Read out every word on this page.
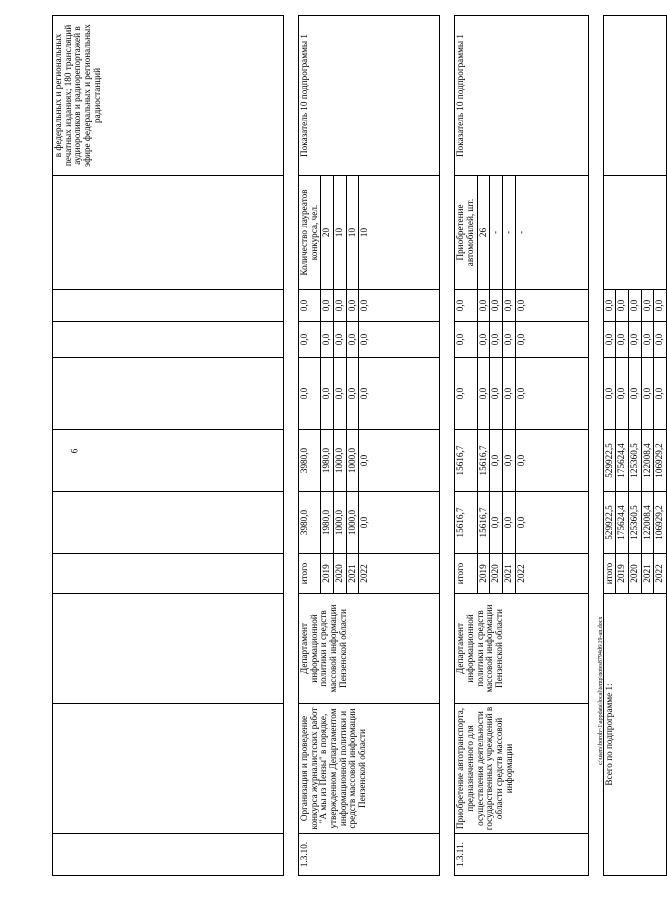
6
										в федеральных и региональных печатных изданиях; 180 трансляций аудиороликов и радиорепортажей в эфире федеральных и региональных радиостанций

1.3.10.	Организация и проведение конкурса журналистских работ "А мы из Пензы" в порядке, утвержденном Департаментом информационной политики и средств массовой информации Пензенской области	Департамент информационной политики и средств массовой информации Пензенской области	итого	3980,0	3980,0	0,0	0,0	0,0	Количество лауреатов конкурса, чел.	Показатель 10 подпрограммы 1
			2019	1980,0	1980,0	0,0	0,0	0,0	20	
			2020	1000,0	1000,0	0,0	0,0	0,0	10	
			2021	1000,0	1000,0	0,0	0,0	0,0	10	
			2022	0,0	0,0	0,0	0,0	0,0	10	

1.3.11.	Приобретение автотранспорта, предназначенного для осуществления деятельности государственных учреждений в области средств массовой информации	Департамент информационной политики и средств массовой информации Пензенской области	итого	15616,7	15616,7	0,0	0,0	0,0	Приобретение автомобилей, шт.	Показатель 10 подпрограммы 1
			2019	15616,7	15616,7	0,0	0,0	0,0	26	
			2020	0,0	0,0	0,0	0,0	0,0	-	
			2021	0,0	0,0	0,0	0,0	0,0	-	
			2022	0,0	0,0	0,0	0,0	0,0	-	

Всего по подпрограмме 1:			итого	529922,5	529922,5	0,0	0,0	0,0		
			2019	175624,4	175624,4	0,0	0,0	0,0		
			2020	125360,5	125360,5	0,0	0,0	0,0		
			2021	122008,4	122008,4	0,0	0,0	0,0		
			2022	106929,2	106929,2	0,0	0,0	0,0		
c:\users\boroh~1\appdata\local\temp\notes8794d6\19-an.docx
